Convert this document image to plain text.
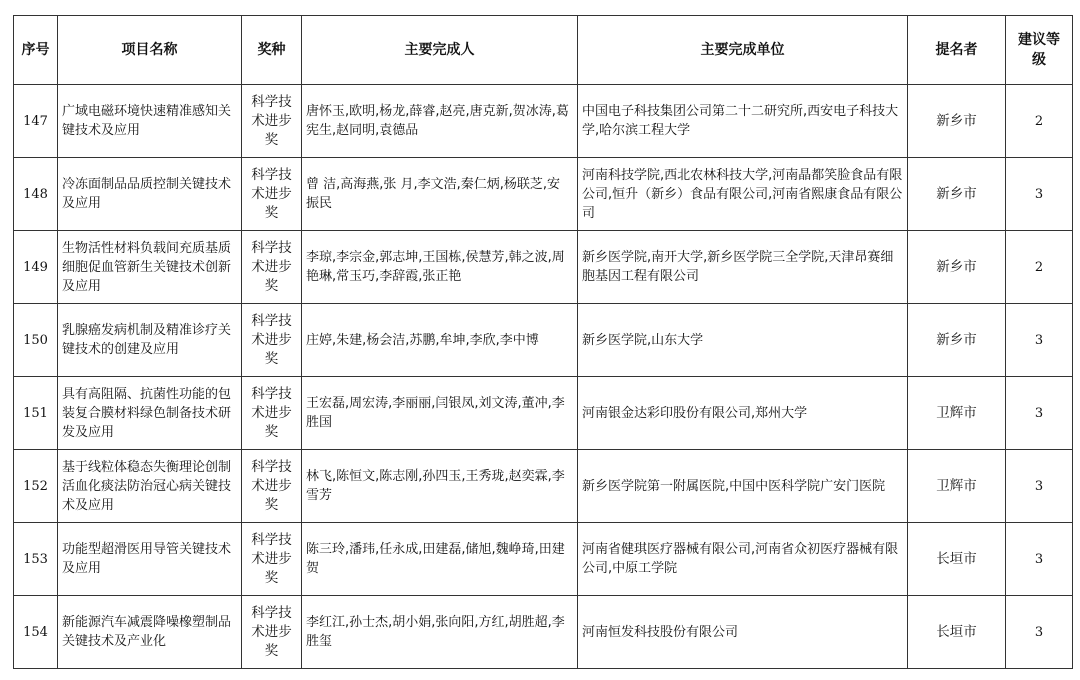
序号	项目名称	奖种	主要完成人	主要完成单位	提名者	建议等级
147	广域电磁环境快速精准感知关键技术及应用	科学技术进步奖	唐怀玉,欧明,杨龙,薛睿,赵亮,唐克新,贺冰涛,葛宪生,赵同明,袁德品	中国电子科技集团公司第二十二研究所,西安电子科技大学,哈尔滨工程大学	新乡市	2
148	冷冻面制品品质控制关键技术及应用	科学技术进步奖	曾 洁,高海燕,张 月,李文浩,秦仁炳,杨联芝,安振民	河南科技学院,西北农林科技大学,河南晶都笑脸食品有限公司,恒升（新乡）食品有限公司,河南省熙康食品有限公司	新乡市	3
149	生物活性材料负载间充质基质细胞促血管新生关键技术创新及应用	科学技术进步奖	李琼,李宗金,郭志坤,王国栋,侯慧芳,韩之波,周艳琳,常玉巧,李辞霞,张正艳	新乡医学院,南开大学,新乡医学院三全学院,天津昂赛细胞基因工程有限公司	新乡市	2
150	乳腺癌发病机制及精准诊疗关键技术的创建及应用	科学技术进步奖	庄婷,朱建,杨会洁,苏鹏,牟坤,李欣,李中博	新乡医学院,山东大学	新乡市	3
151	具有高阻隔、抗菌性功能的包装复合膜材料绿色制备技术研发及应用	科学技术进步奖	王宏磊,周宏涛,李丽丽,闫银凤,刘文涛,董冲,李胜国	河南银金达彩印股份有限公司,郑州大学	卫辉市	3
152	基于线粒体稳态失衡理论创制活血化痰法防治冠心病关键技术及应用	科学技术进步奖	林飞,陈恒文,陈志刚,孙四玉,王秀珑,赵奕霖,李雪芳	新乡医学院第一附属医院,中国中医科学院广安门医院	卫辉市	3
153	功能型超滑医用导管关键技术及应用	科学技术进步奖	陈三玲,潘玮,任永成,田建磊,储旭,魏峥琦,田建贺	河南省健琪医疗器械有限公司,河南省众初医疗器械有限公司,中原工学院	长垣市	3
154	新能源汽车减震降噪橡塑制品关键技术及产业化	科学技术进步奖	李红江,孙士杰,胡小娟,张向阳,方红,胡胜超,李胜玺	河南恒发科技股份有限公司	长垣市	3
